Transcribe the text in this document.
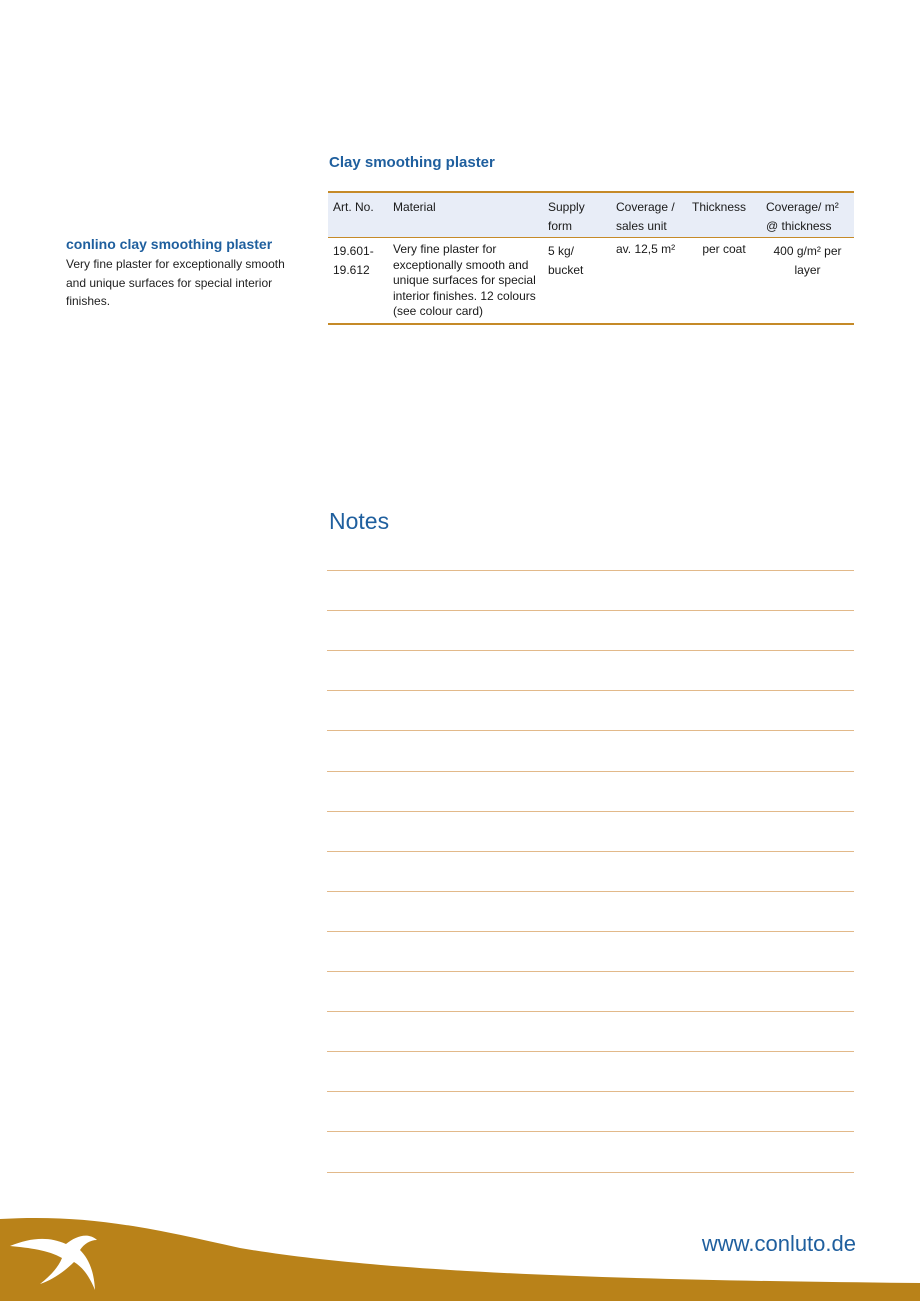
Clay smoothing plaster
Art. No.	Material	Supply form	Coverage / sales unit	Thickness	Coverage/ m² @ thickness
19.601- 19.612	Very fine plaster for exceptionally smooth and unique surfaces for special interior finishes. 12 colours (see colour card)	5 kg/ bucket	av. 12,5 m²	per coat	400 g/m² per layer
conlino clay smoothing plaster
Very fine plaster for exceptionally smooth and unique surfaces for special interior finishes.
Notes
www.conluto.de
